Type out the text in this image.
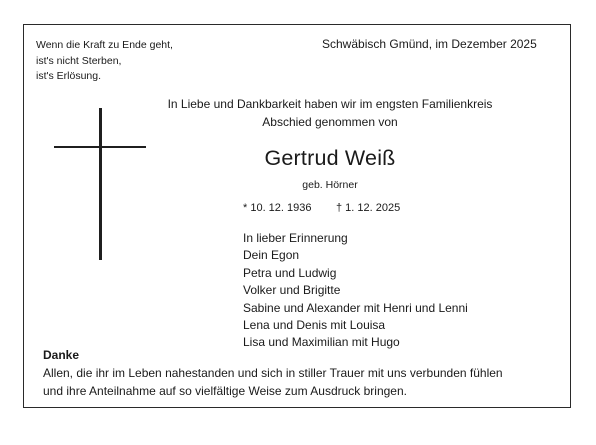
Wenn die Kraft zu Ende geht,
ist's nicht Sterben,
ist's Erlösung.
Schwäbisch Gmünd, im Dezember 2025
In Liebe und Dankbarkeit haben wir im engsten Familienkreis
Abschied genommen von
Gertrud Weiß
geb. Hörner
* 10. 12. 1936 † 1. 12. 2025
In lieber Erinnerung
Dein Egon
Petra und Ludwig
Volker und Brigitte
Sabine und Alexander mit Henri und Lenni
Lena und Denis mit Louisa
Lisa und Maximilian mit Hugo
Danke
Allen, die ihr im Leben nahestanden und sich in stiller Trauer mit uns verbunden fühlen
und ihre Anteilnahme auf so vielfältige Weise zum Ausdruck bringen.
